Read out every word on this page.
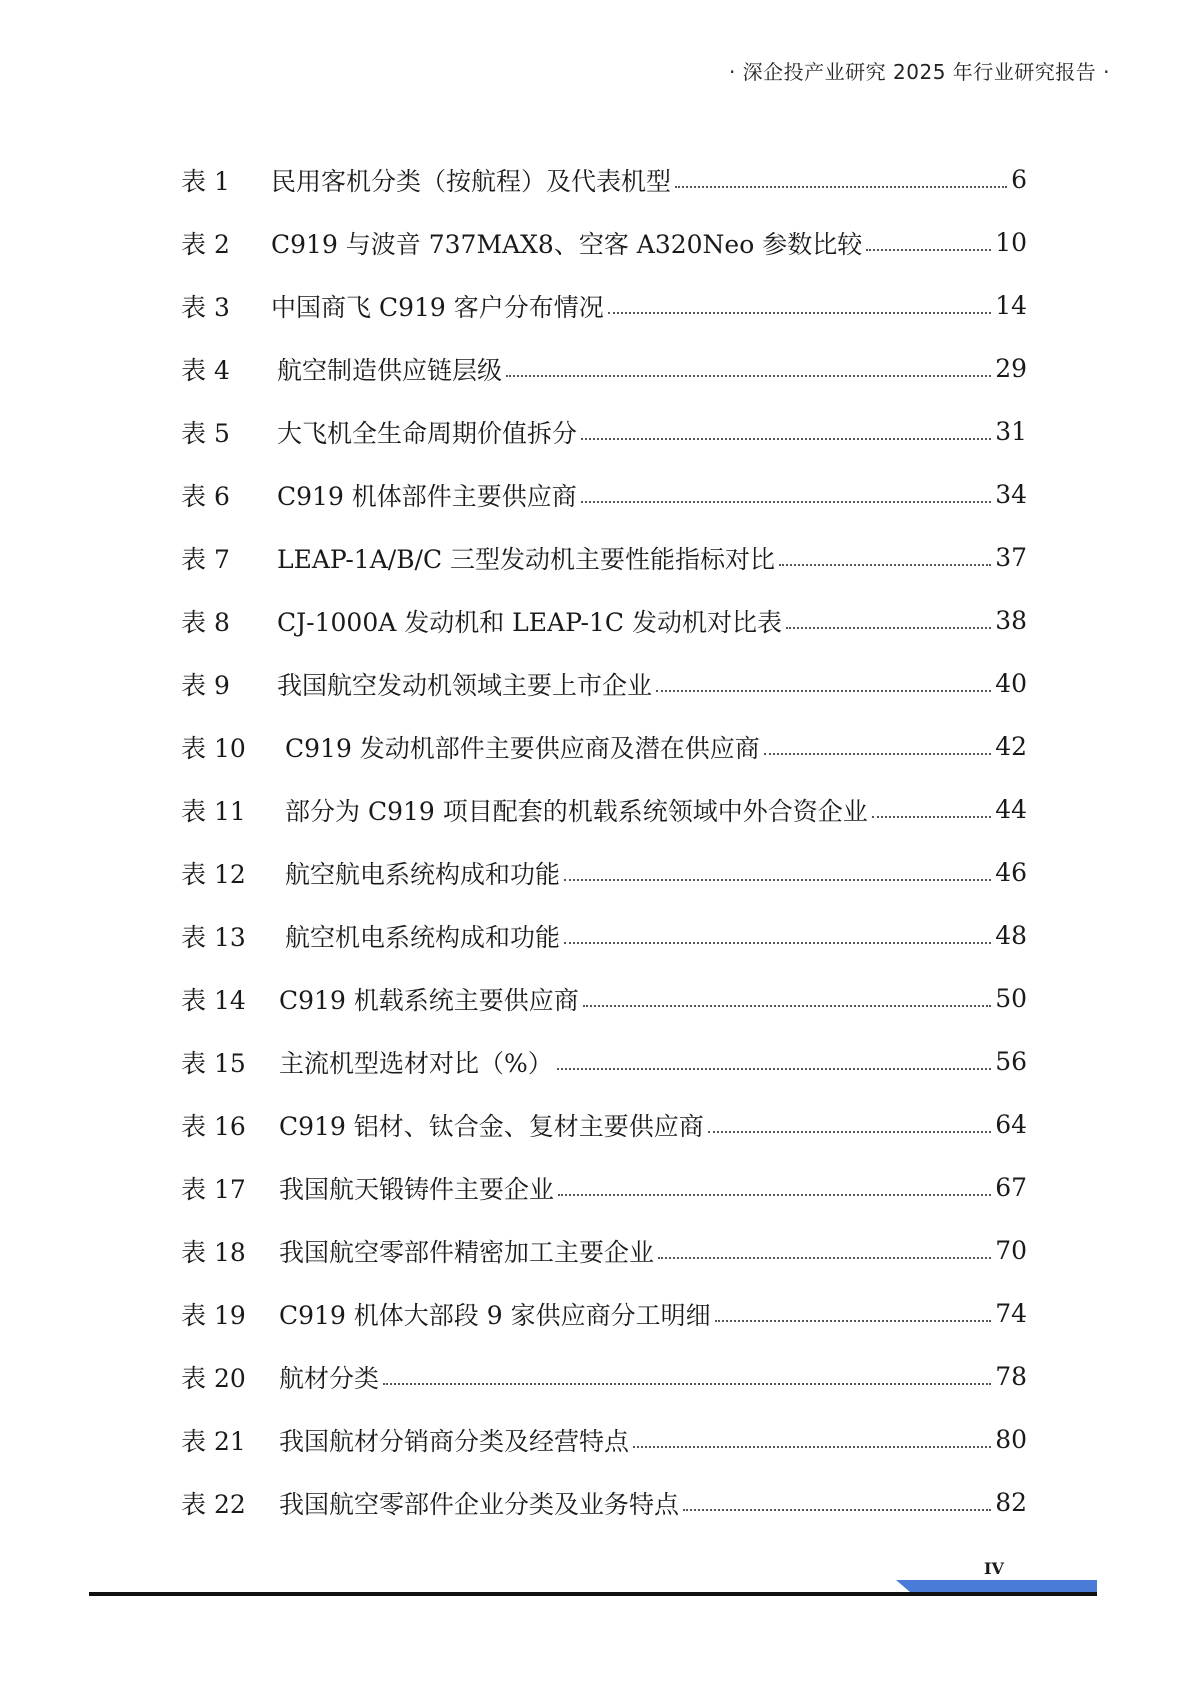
· 深企投产业研究 2025 年行业研究报告 ·
表 1	民用客机分类（按航程）及代表机型	6
表 2	C919 与波音 737MAX8、空客 A320Neo 参数比较	10
表 3	中国商飞 C919 客户分布情况	14
表 4	航空制造供应链层级	29
表 5	大飞机全生命周期价值拆分	31
表 6	C919 机体部件主要供应商	34
表 7	LEAP-1A/B/C 三型发动机主要性能指标对比	37
表 8	CJ-1000A 发动机和 LEAP-1C 发动机对比表	38
表 9	我国航空发动机领域主要上市企业	40
表 10	C919 发动机部件主要供应商及潜在供应商	42
表 11	部分为 C919 项目配套的机载系统领域中外合资企业	44
表 12	航空航电系统构成和功能	46
表 13	航空机电系统构成和功能	48
表 14	C919 机载系统主要供应商	50
表 15	主流机型选材对比（%）	56
表 16	C919 铝材、钛合金、复材主要供应商	64
表 17	我国航天锻铸件主要企业	67
表 18	我国航空零部件精密加工主要企业	70
表 19	C919 机体大部段 9 家供应商分工明细	74
表 20	航材分类	78
表 21	我国航材分销商分类及经营特点	80
表 22	我国航空零部件企业分类及业务特点	82
IV
